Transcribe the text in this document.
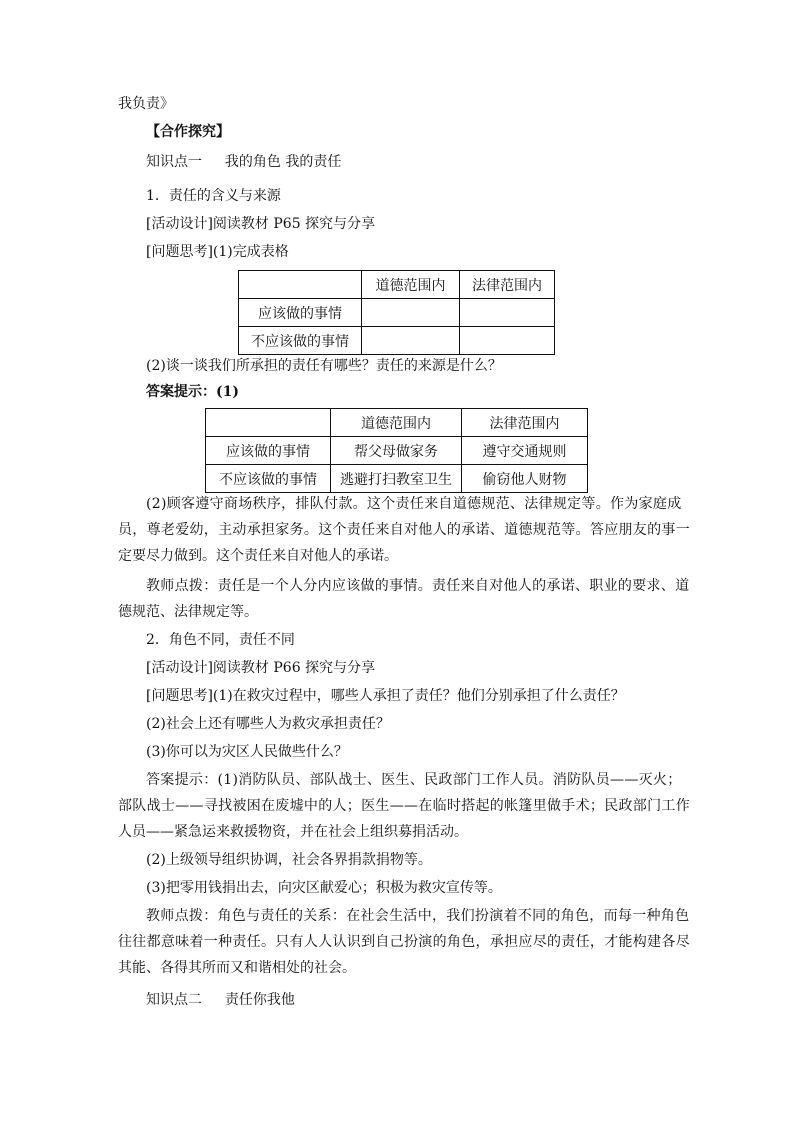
我负责》
【合作探究】
知识点一 我的角色 我的责任
1．责任的含义与来源
[活动设计]阅读教材 P65 探究与分享
[问题思考](1)完成表格
	道德范围内	法律范围内
应该做的事情		
不应该做的事情		
(2)谈一谈我们所承担的责任有哪些？责任的来源是什么？
答案提示：(1)
	道德范围内	法律范围内
应该做的事情	帮父母做家务	遵守交通规则
不应该做的事情	逃避打扫教室卫生	偷窃他人财物
(2)顾客遵守商场秩序，排队付款。这个责任来自道德规范、法律规定等。作为家庭成
员，尊老爱幼，主动承担家务。这个责任来自对他人的承诺、道德规范等。答应朋友的事一
定要尽力做到。这个责任来自对他人的承诺。
教师点拨：责任是一个人分内应该做的事情。责任来自对他人的承诺、职业的要求、道
德规范、法律规定等。
2．角色不同，责任不同
[活动设计]阅读教材 P66 探究与分享
[问题思考](1)在救灾过程中，哪些人承担了责任？他们分别承担了什么责任？
(2)社会上还有哪些人为救灾承担责任？
(3)你可以为灾区人民做些什么？
答案提示：(1)消防队员、部队战士、医生、民政部门工作人员。消防队员——灭火；
部队战士——寻找被困在废墟中的人；医生——在临时搭起的帐篷里做手术；民政部门工作
人员——紧急运来救援物资，并在社会上组织募捐活动。
(2)上级领导组织协调，社会各界捐款捐物等。
(3)把零用钱捐出去，向灾区献爱心；积极为救灾宣传等。
教师点拨：角色与责任的关系：在社会生活中，我们扮演着不同的角色，而每一种角色
往往都意味着一种责任。只有人人认识到自己扮演的角色，承担应尽的责任，才能构建各尽
其能、各得其所而又和谐相处的社会。
知识点二 责任你我他
